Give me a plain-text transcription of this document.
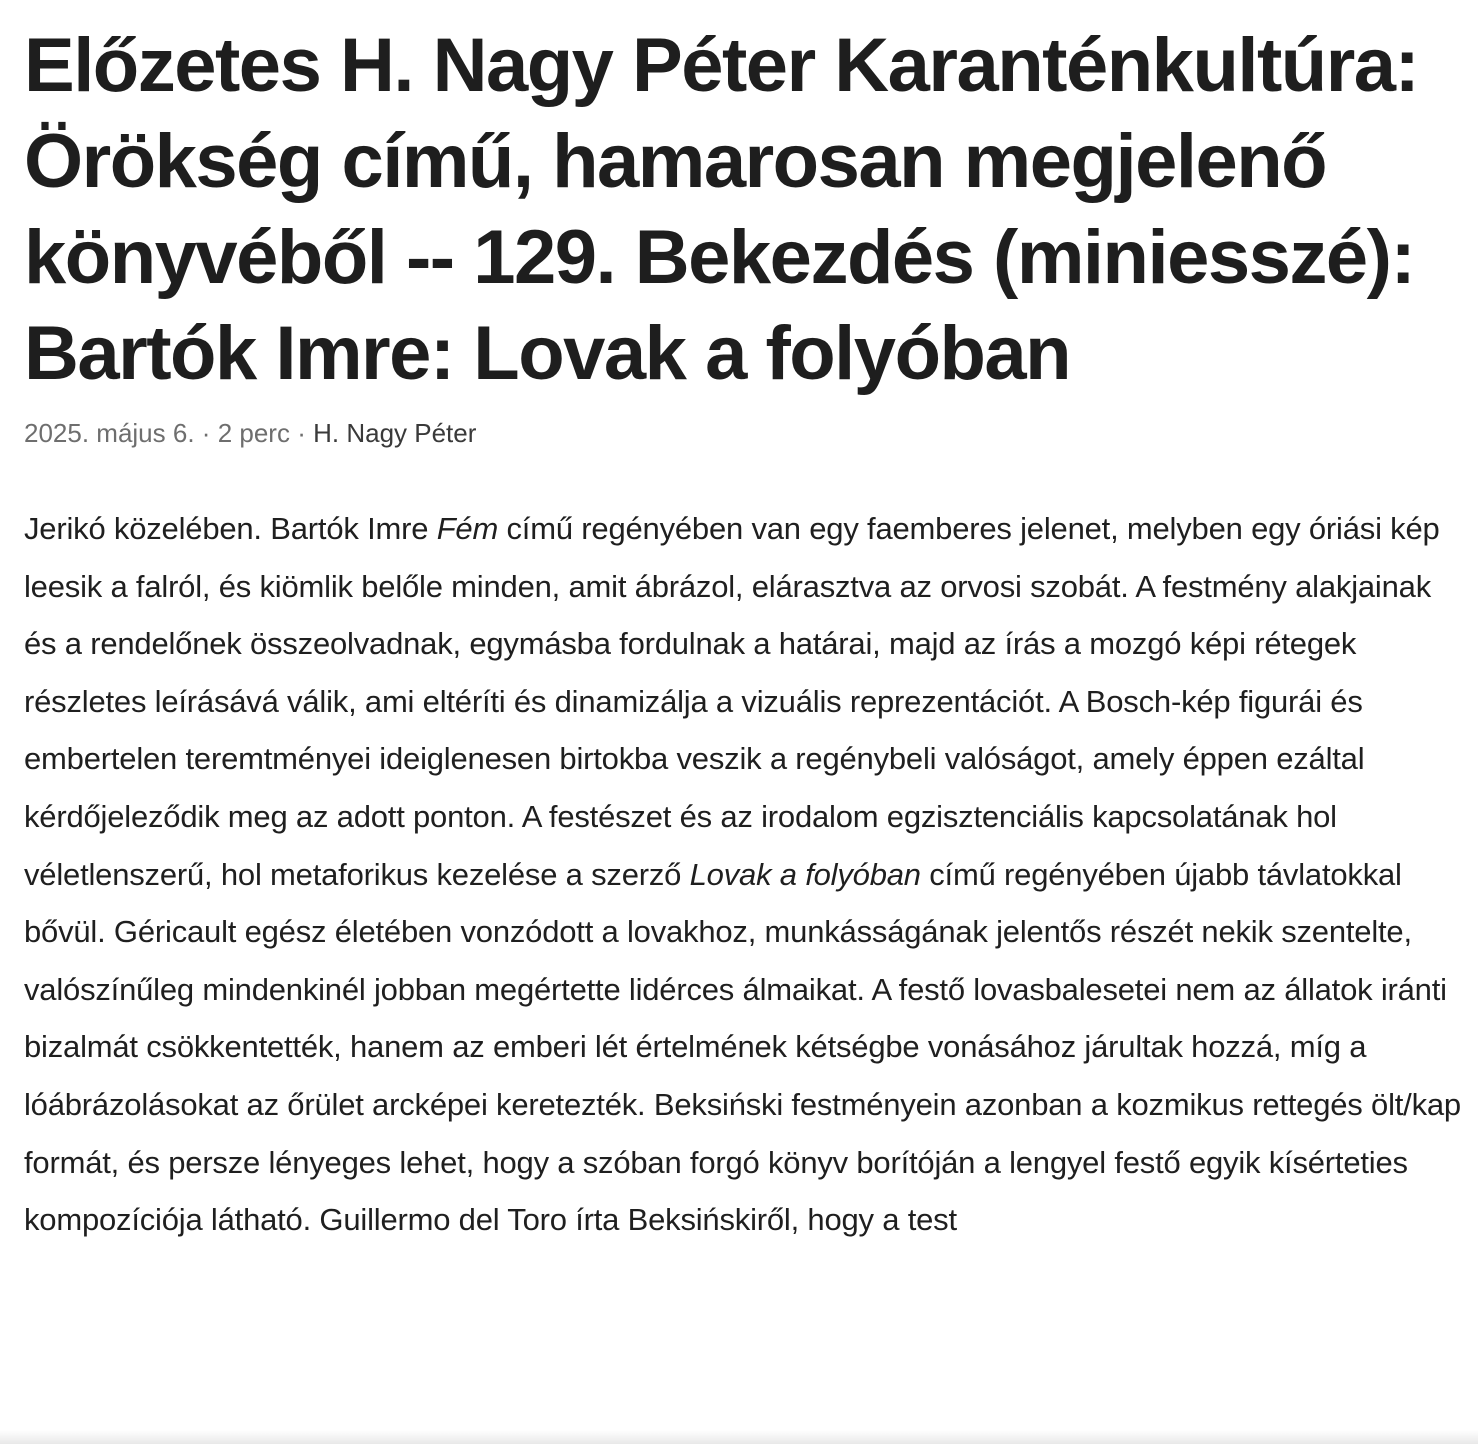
Előzetes H. Nagy Péter Karanténkultúra: Örökség című, hamarosan megjelenő könyvéből -- 129. Bekezdés (miniesszé): Bartók Imre: Lovak a folyóban
2025. május 6. · 2 perc · H. Nagy Péter

Jerikó közelében. Bartók Imre Fém című regényében van egy faemberes jelenet, melyben egy óriási kép leesik a falról, és kiömlik belőle minden, amit ábrázol, elárasztva az orvosi szobát. A festmény alakjainak és a rendelőnek összeolvadnak, egymásba fordulnak a határai, majd az írás a mozgó képi rétegek részletes leírásává válik, ami eltéríti és dinamizálja a vizuális reprezentációt. A Bosch-kép figurái és embertelen teremtményei ideiglenesen birtokba veszik a regénybeli valóságot, amely éppen ezáltal kérdőjeleződik meg az adott ponton. A festészet és az irodalom egzisztenciális kapcsolatának hol véletlenszerű, hol metaforikus kezelése a szerző Lovak a folyóban című regényében újabb távlatokkal bővül. Géricault egész életében vonzódott a lovakhoz, munkásságának jelentős részét nekik szentelte, valószínűleg mindenkinél jobban megértette lidérces álmaikat. A festő lovasbalesetei nem az állatok iránti bizalmát csökkentették, hanem az emberi lét értelmének kétségbe vonásához járultak hozzá, míg a lóábrázolásokat az őrület arcképei keretezték. Beksiński festményein azonban a kozmikus rettegés ölt/kap formát, és persze lényeges lehet, hogy a szóban forgó könyv borítóján a lengyel festő egyik kísérteties kompozíciója látható. Guillermo del Toro írta Beksińskiről, hogy a test
